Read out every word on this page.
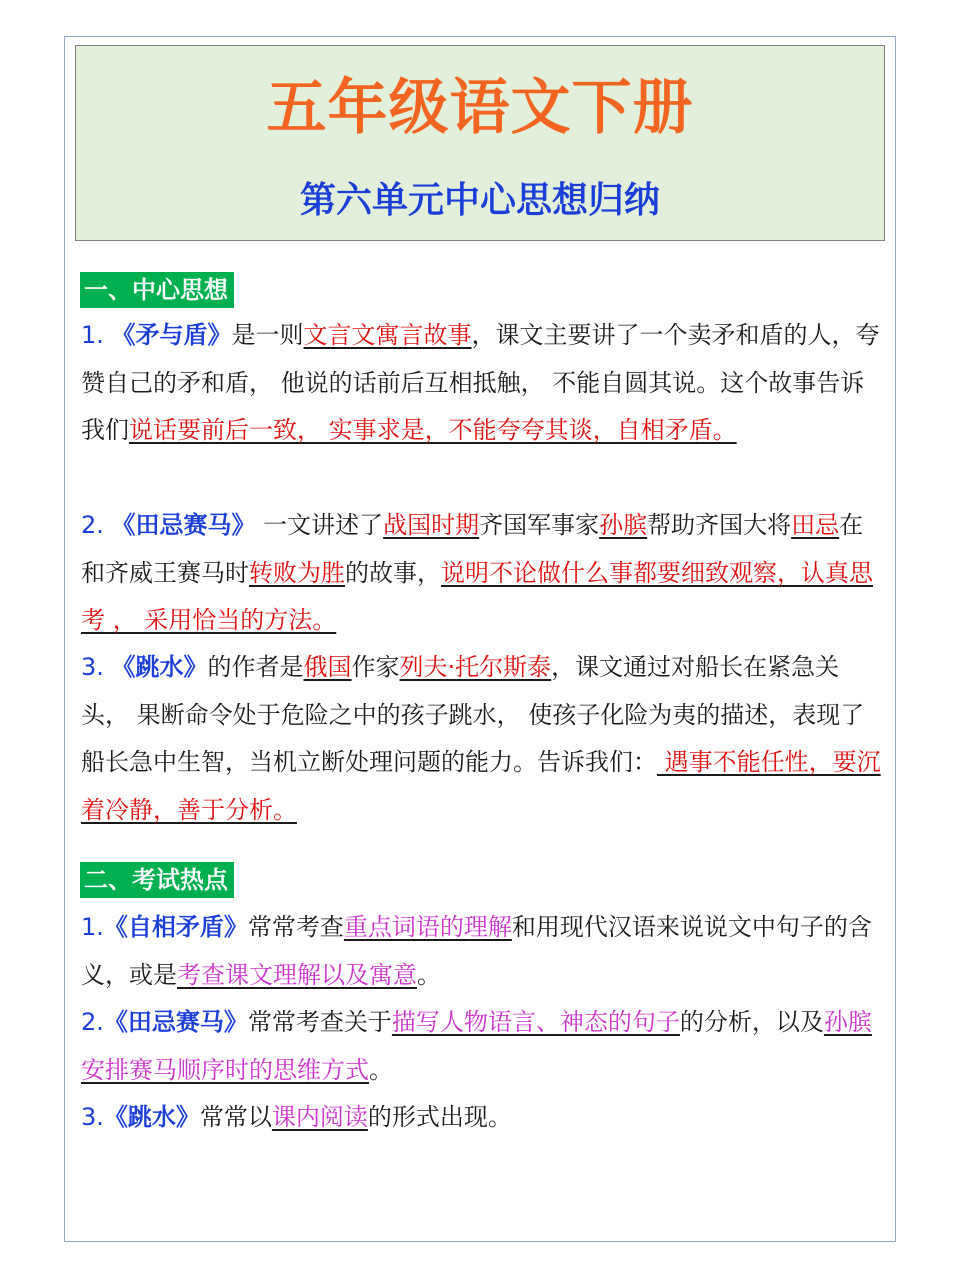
五年级语文下册
第六单元中心思想归纳
一、中心思想
1. 《矛与盾》是一则文言文寓言故事，课文主要讲了一个卖矛和盾的人，夸赞自己的矛和盾， 他说的话前后互相抵触， 不能自圆其说。这个故事告诉我们说话要前后一致， 实事求是，不能夸夸其谈，自相矛盾。
2. 《田忌赛马》 一文讲述了战国时期齐国军事家孙膑帮助齐国大将田忌在和齐威王赛马时转败为胜的故事，说明不论做什么事都要细致观察，认真思考 ， 采用恰当的方法。
3. 《跳水》的作者是俄国作家列夫·托尔斯泰，课文通过对船长在紧急关头， 果断命令处于危险之中的孩子跳水， 使孩子化险为夷的描述，表现了船长急中生智，当机立断处理问题的能力。告诉我们： 遇事不能任性，要沉着冷静，善于分析。
二、考试热点
1.《自相矛盾》常常考查重点词语的理解和用现代汉语来说说文中句子的含义，或是考查课文理解以及寓意。
2.《田忌赛马》常常考查关于描写人物语言、神态的句子的分析，以及孙膑安排赛马顺序时的思维方式。
3.《跳水》常常以课内阅读的形式出现。
